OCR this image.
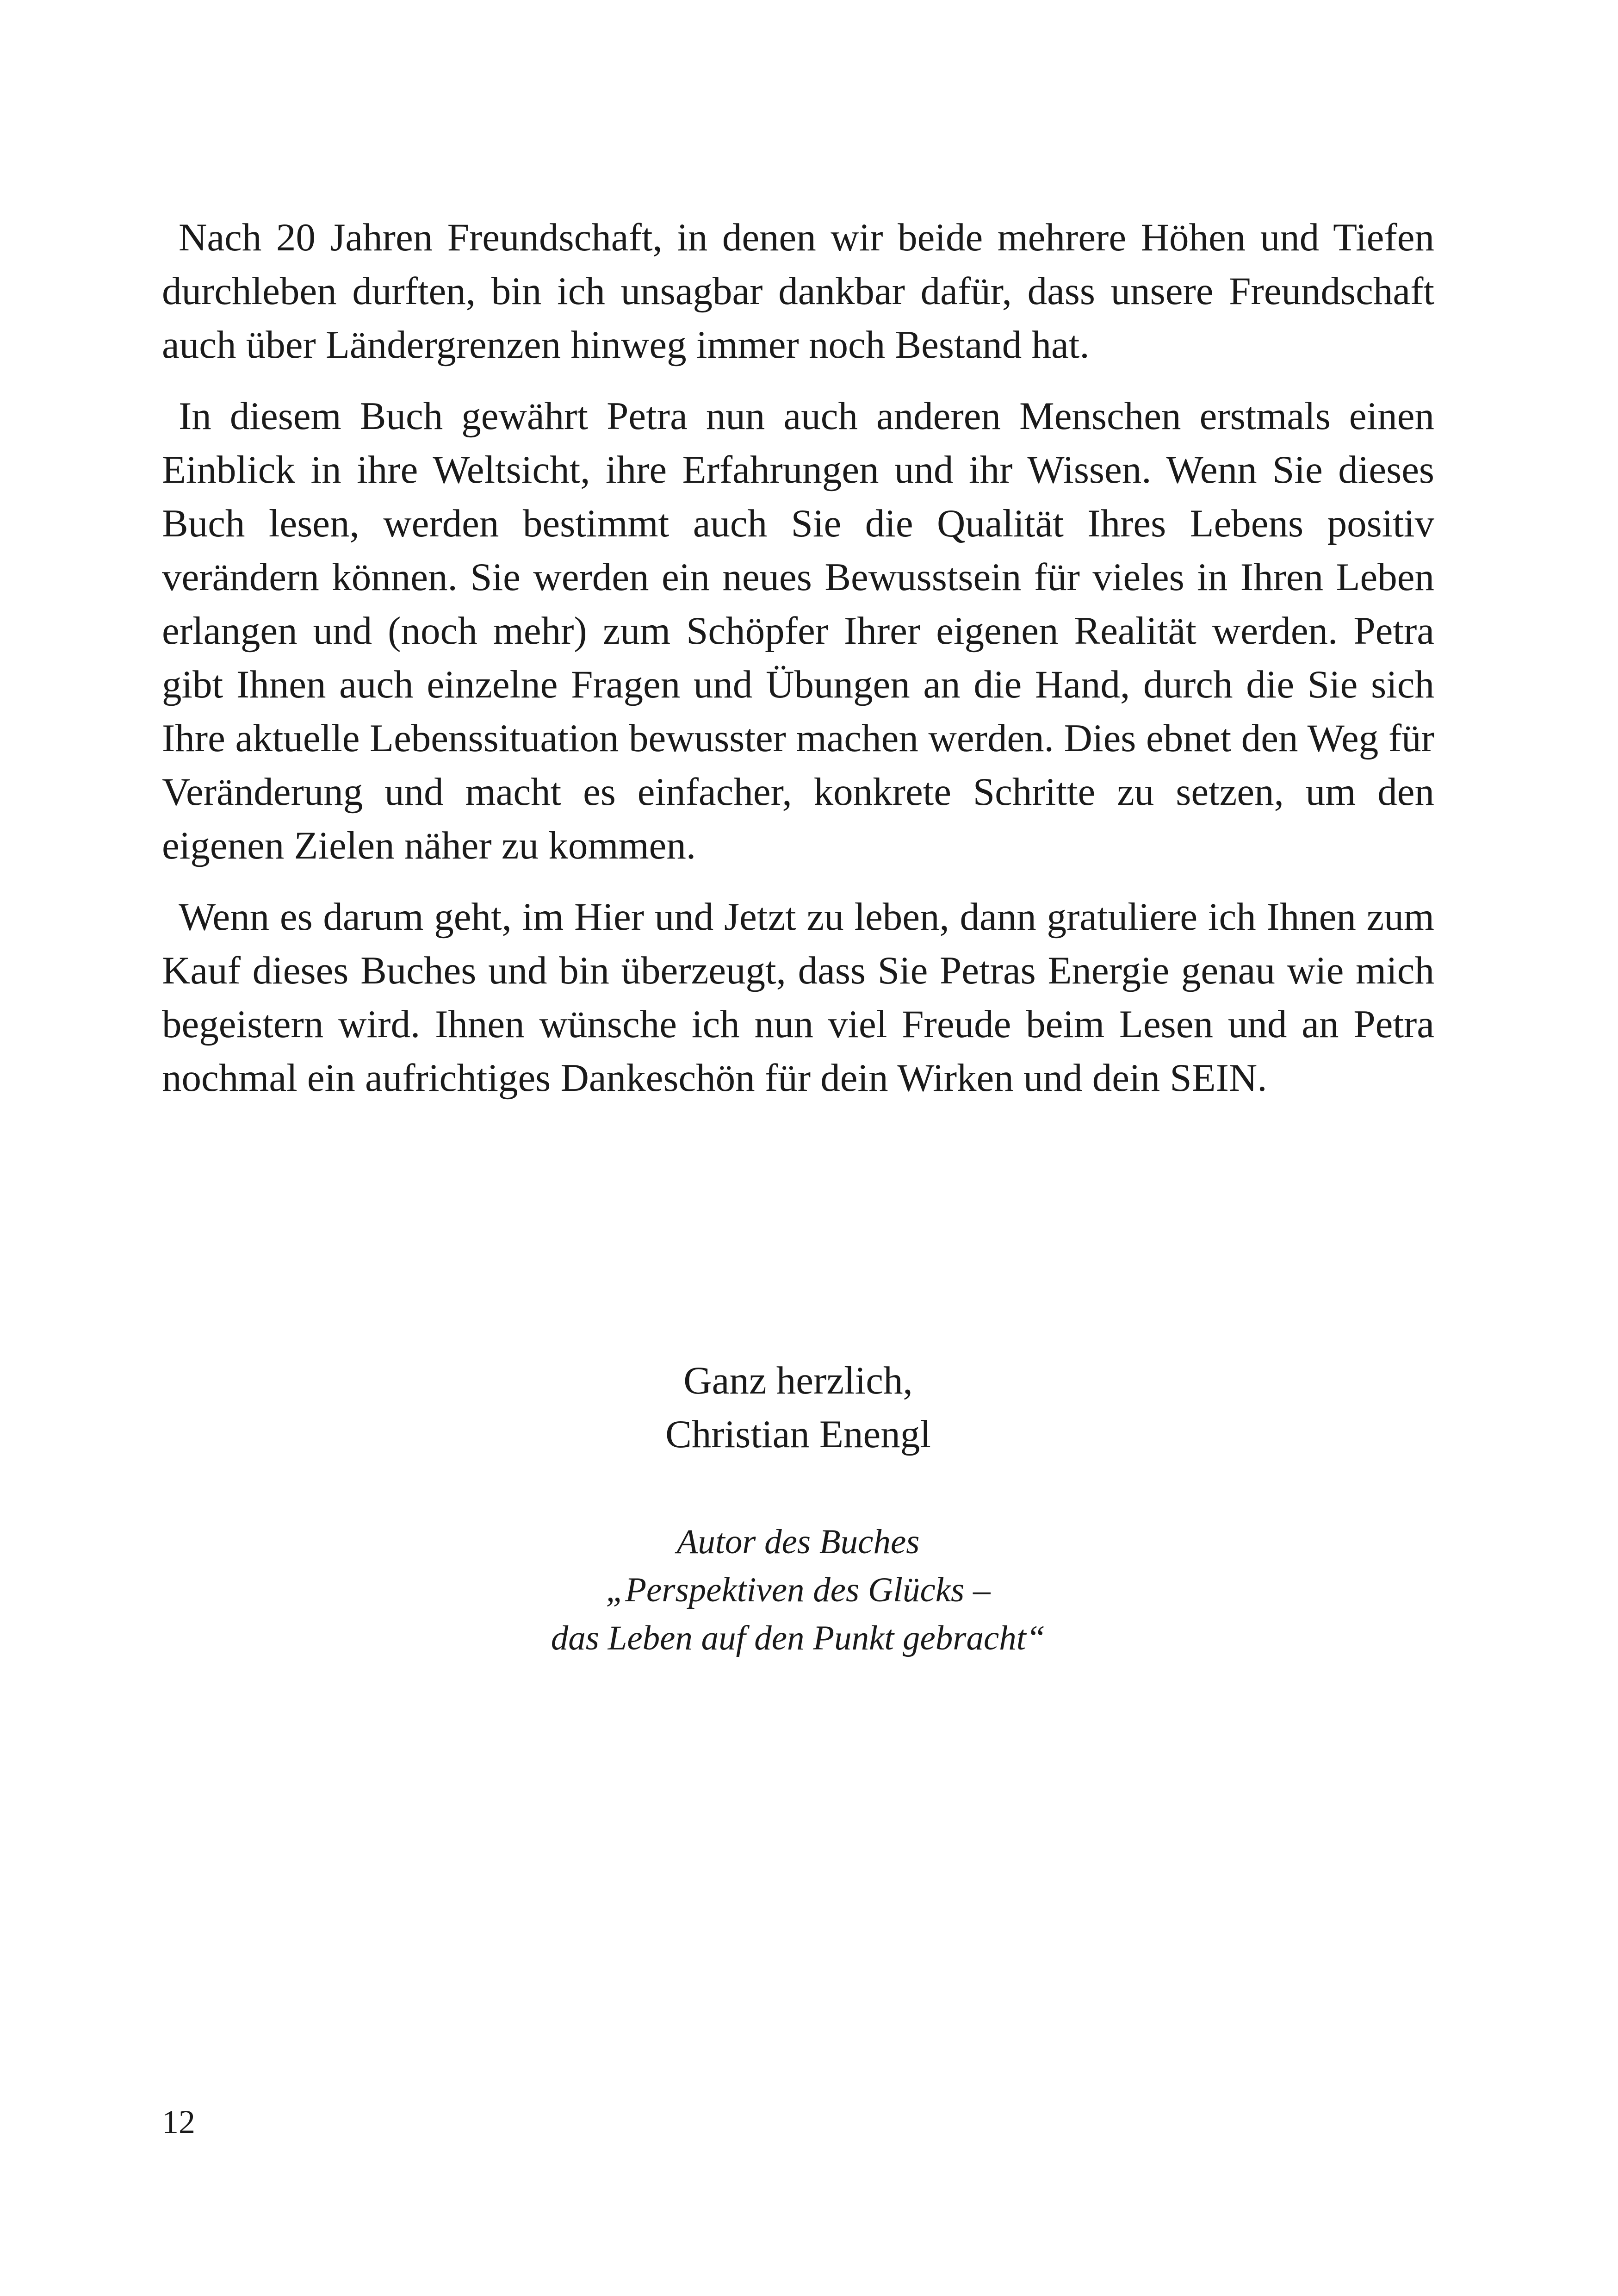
Nach 20 Jahren Freundschaft, in denen wir beide mehrere Höhen und Tiefen durchleben durften, bin ich unsagbar dankbar dafür, dass unsere Freundschaft auch über Ländergrenzen hinweg immer noch Bestand hat.

In diesem Buch gewährt Petra nun auch anderen Menschen erstmals einen Einblick in ihre Weltsicht, ihre Erfahrungen und ihr Wissen. Wenn Sie dieses Buch lesen, werden bestimmt auch Sie die Qualität Ihres Lebens positiv verändern können. Sie werden ein neues Bewusstsein für vieles in Ihren Leben erlangen und (noch mehr) zum Schöpfer Ihrer eigenen Realität werden. Petra gibt Ihnen auch einzelne Fragen und Übungen an die Hand, durch die Sie sich Ihre aktuelle Lebenssituation bewusster machen werden. Dies ebnet den Weg für Veränderung und macht es einfacher, konkrete Schritte zu setzen, um den eigenen Zielen näher zu kommen.

Wenn es darum geht, im Hier und Jetzt zu leben, dann gratuliere ich Ihnen zum Kauf dieses Buches und bin überzeugt, dass Sie Petras Energie genau wie mich begeistern wird. Ihnen wünsche ich nun viel Freude beim Lesen und an Petra nochmal ein aufrichtiges Dankeschön für dein Wirken und dein SEIN.

Ganz herzlich,
Christian Enengl
Autor des Buches
„Perspektiven des Glücks –
das Leben auf den Punkt gebracht“
12
